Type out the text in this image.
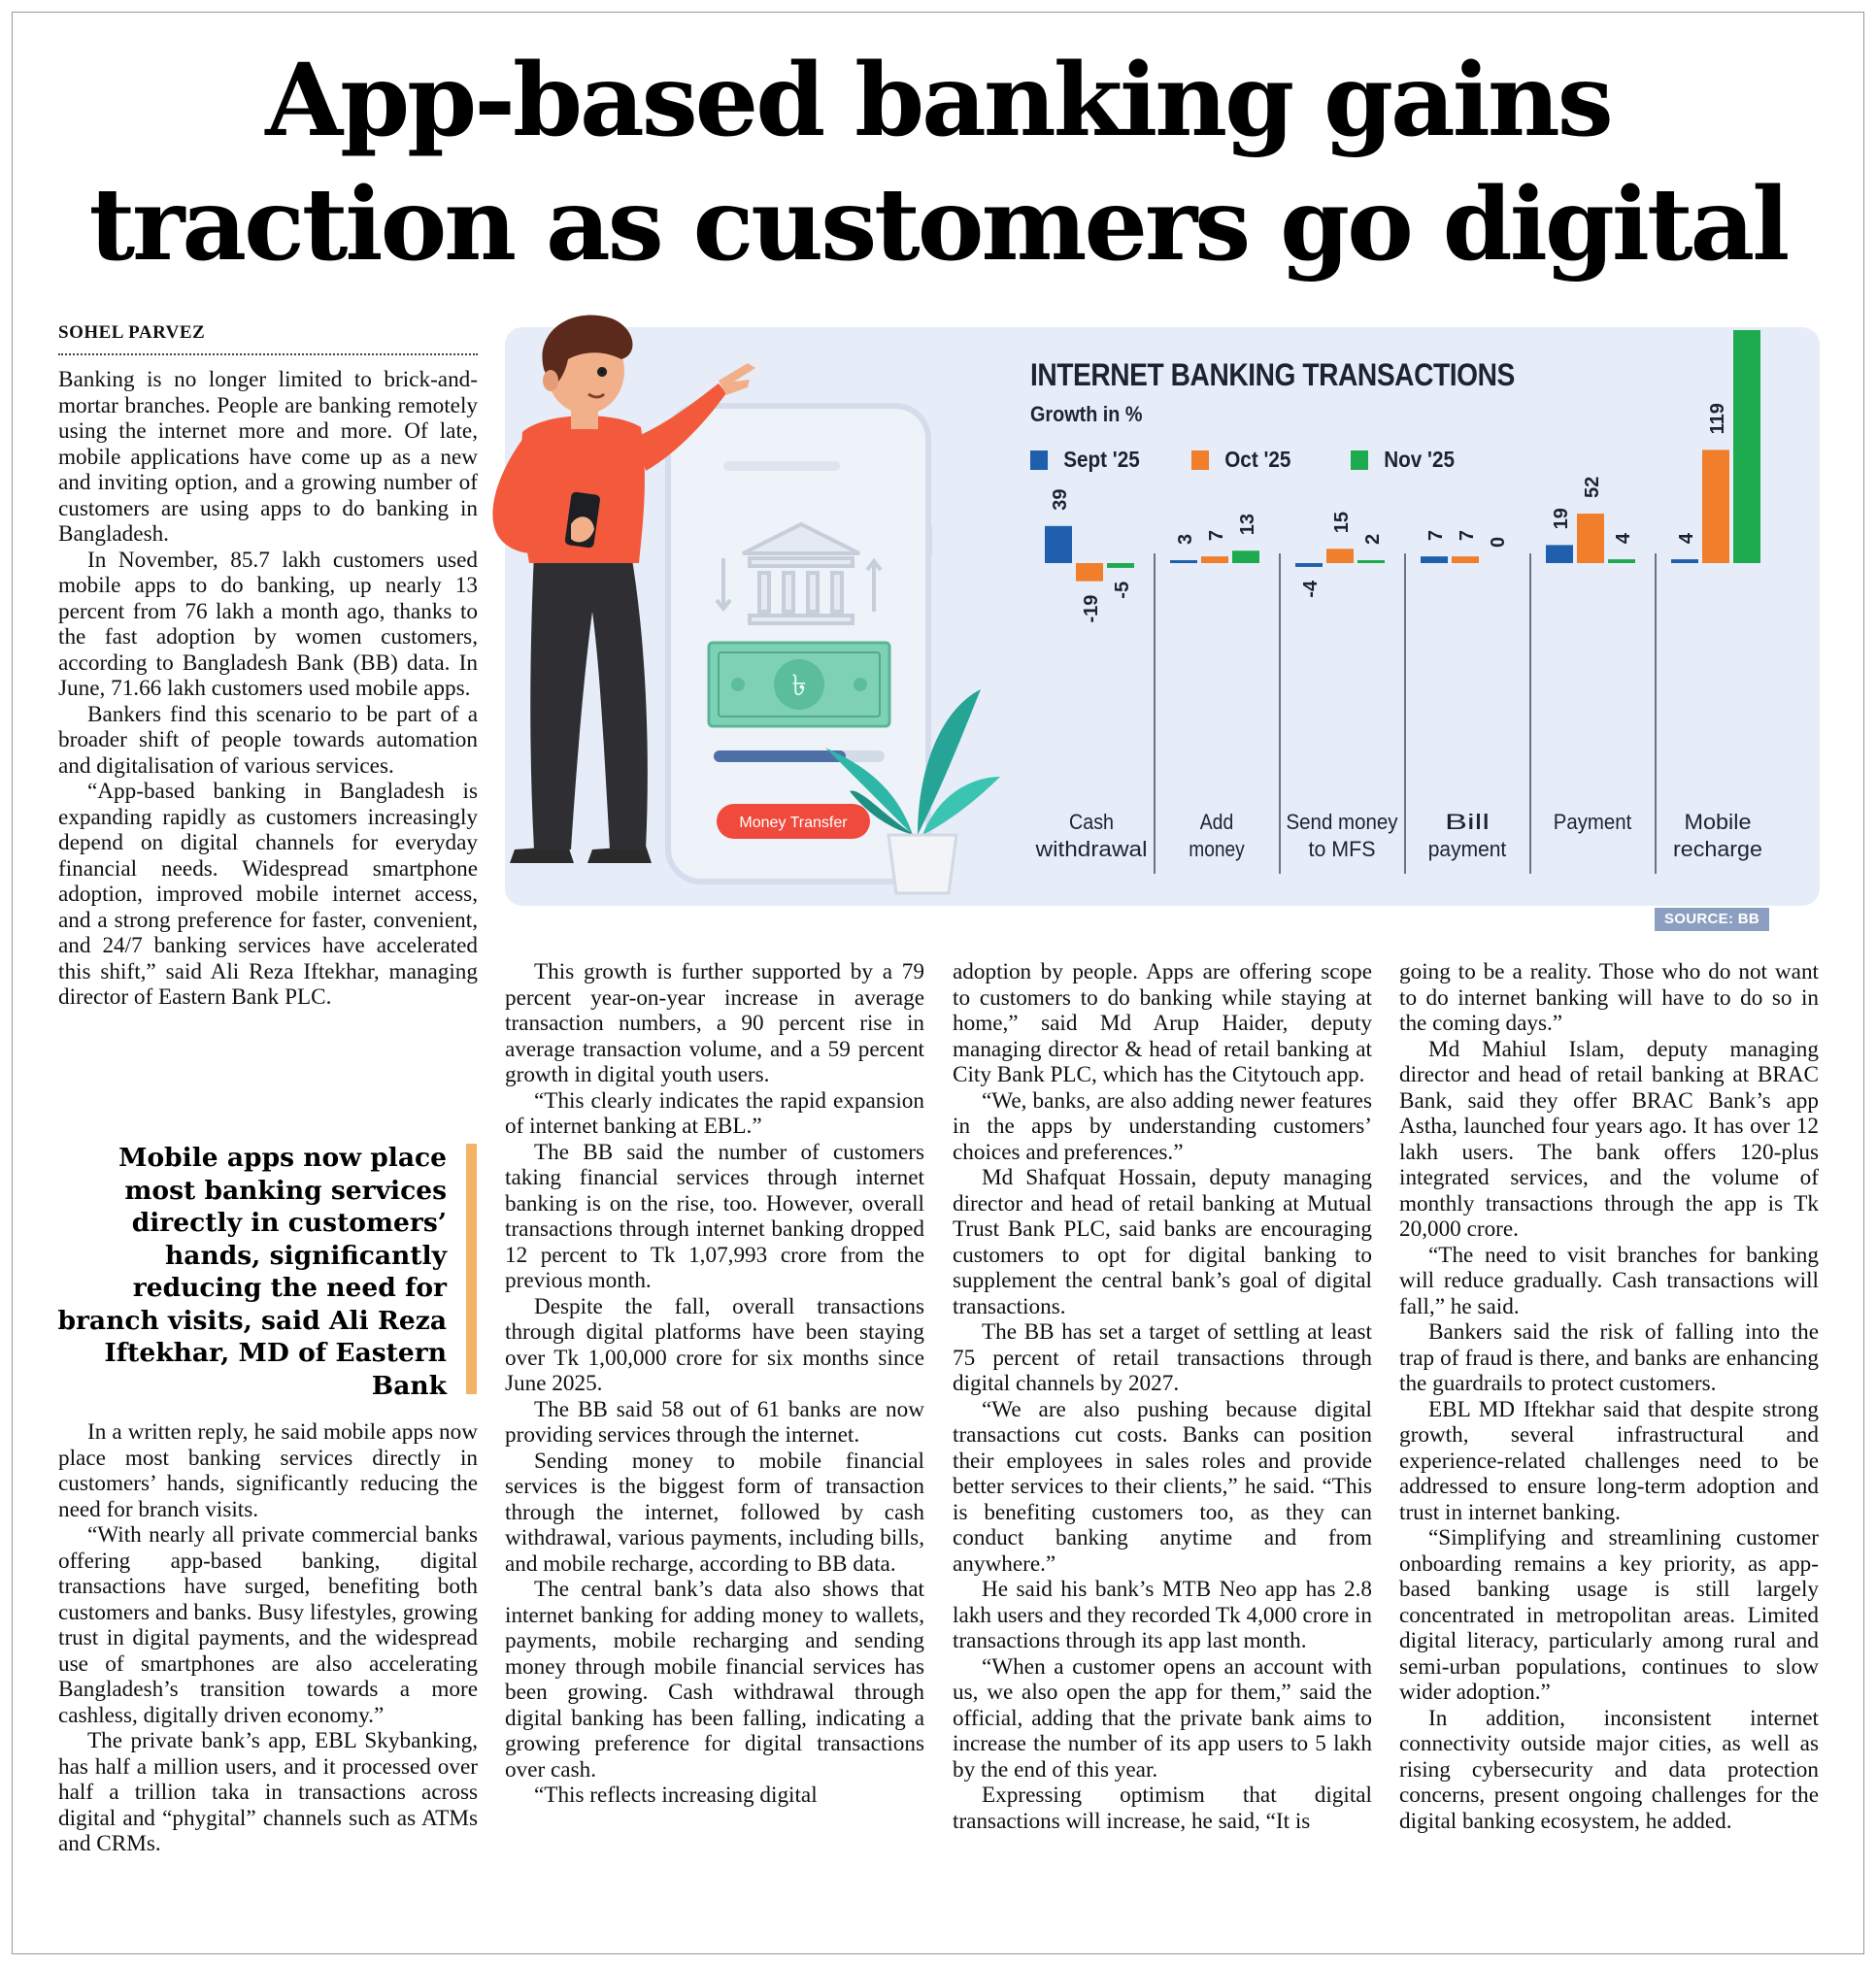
App-based banking gains
traction as customers go digital
SOHEL PARVEZ

Banking is no longer limited to brick-and-mortar branches. People are banking remotely using the internet more and more. Of late, mobile applications have come up as a new and inviting option, and a growing number of customers are using apps to do banking in Bangladesh.

In November, 85.7 lakh customers used mobile apps to do banking, up nearly 13 percent from 76 lakh a month ago, thanks to the fast adoption by women customers, according to Bangladesh Bank (BB) data. In June, 71.66 lakh customers used mobile apps.

Bankers find this scenario to be part of a broader shift of people towards automation and digitalisation of various services.

“App-based banking in Bangladesh is expanding rapidly as customers increasingly depend on digital channels for everyday financial needs. Widespread smartphone adoption, improved mobile internet access, and a strong preference for faster, convenient, and 24/7 banking services have accelerated this shift,” said Ali Reza Iftekhar, managing director of Eastern Bank PLC.

Mobile apps now place most banking services directly in customers’ hands, significantly reducing the need for branch visits, said Ali Reza Iftekhar, MD of Eastern Bank

In a written reply, he said mobile apps now place most banking services directly in customers’ hands, significantly reducing the need for branch visits.

“With nearly all private commercial banks offering app-based banking, digital transactions have surged, benefiting both customers and banks. Busy lifestyles, growing trust in digital payments, and the widespread use of smartphones are also accelerating Bangladesh’s transition towards a more cashless, digitally driven economy.”

The private bank’s app, EBL Skybanking, has half a million users, and it processed over half a trillion taka in transactions across digital and “phygital” channels such as ATMs and CRMs.

৳
Money Transfer
INTERNET BANKING TRANSACTIONS
Growth in %
Sept '25	Oct '25	Nov '25
39
-19
-5
Cash
withdrawal
3 7
13
Add
money
-4
15
2
Send money
to MFS
7 7
0
Bill
payment
19
52
4
Payment
4
119
Mobile
recharge
SOURCE: BB

This growth is further supported by a 79 percent year-on-year increase in average transaction numbers, a 90 percent rise in average transaction volume, and a 59 percent growth in digital youth users.

“This clearly indicates the rapid expansion of internet banking at EBL.”

The BB said the number of customers taking financial services through internet banking is on the rise, too. However, overall transactions through internet banking dropped 12 percent to Tk 1,07,993 crore from the previous month.

Despite the fall, overall transactions through digital platforms have been staying over Tk 1,00,000 crore for six months since June 2025.

The BB said 58 out of 61 banks are now providing services through the internet.

Sending money to mobile financial services is the biggest form of transaction through the internet, followed by cash withdrawal, various payments, including bills, and mobile recharge, according to BB data.

The central bank’s data also shows that internet banking for adding money to wallets, payments, mobile recharging and sending money through mobile financial services has been growing. Cash withdrawal through digital banking has been falling, indicating a growing preference for digital transactions over cash.

“This reflects increasing digital

adoption by people. Apps are offering scope to customers to do banking while staying at home,” said Md Arup Haider, deputy managing director & head of retail banking at City Bank PLC, which has the Citytouch app.

“We, banks, are also adding newer features in the apps by understanding customers’ choices and preferences.”

Md Shafquat Hossain, deputy managing director and head of retail banking at Mutual Trust Bank PLC, said banks are encouraging customers to opt for digital banking to supplement the central bank’s goal of digital transactions.

The BB has set a target of settling at least 75 percent of retail transactions through digital channels by 2027.

“We are also pushing because digital transactions cut costs. Banks can position their employees in sales roles and provide better services to their clients,” he said. “This is benefiting customers too, as they can conduct banking anytime and from anywhere.”

He said his bank’s MTB Neo app has 2.8 lakh users and they recorded Tk 4,000 crore in transactions through its app last month.

“When a customer opens an account with us, we also open the app for them,” said the official, adding that the private bank aims to increase the number of its app users to 5 lakh by the end of this year.

Expressing optimism that digital transactions will increase, he said, “It is

going to be a reality. Those who do not want to do internet banking will have to do so in the coming days.”

Md Mahiul Islam, deputy managing director and head of retail banking at BRAC Bank, said they offer BRAC Bank’s app Astha, launched four years ago. It has over 12 lakh users. The bank offers 120-plus integrated services, and the volume of monthly transactions through the app is Tk 20,000 crore.

“The need to visit branches for banking will reduce gradually. Cash transactions will fall,” he said.

Bankers said the risk of falling into the trap of fraud is there, and banks are enhancing the guardrails to protect customers.

EBL MD Iftekhar said that despite strong growth, several infrastructural and experience-related challenges need to be addressed to ensure long-term adoption and trust in internet banking.

“Simplifying and streamlining customer onboarding remains a key priority, as app-based banking usage is still largely concentrated in metropolitan areas. Limited digital literacy, particularly among rural and semi-urban populations, continues to slow wider adoption.”

In addition, inconsistent internet connectivity outside major cities, as well as rising cybersecurity and data protection concerns, present ongoing challenges for the digital banking ecosystem, he added.
